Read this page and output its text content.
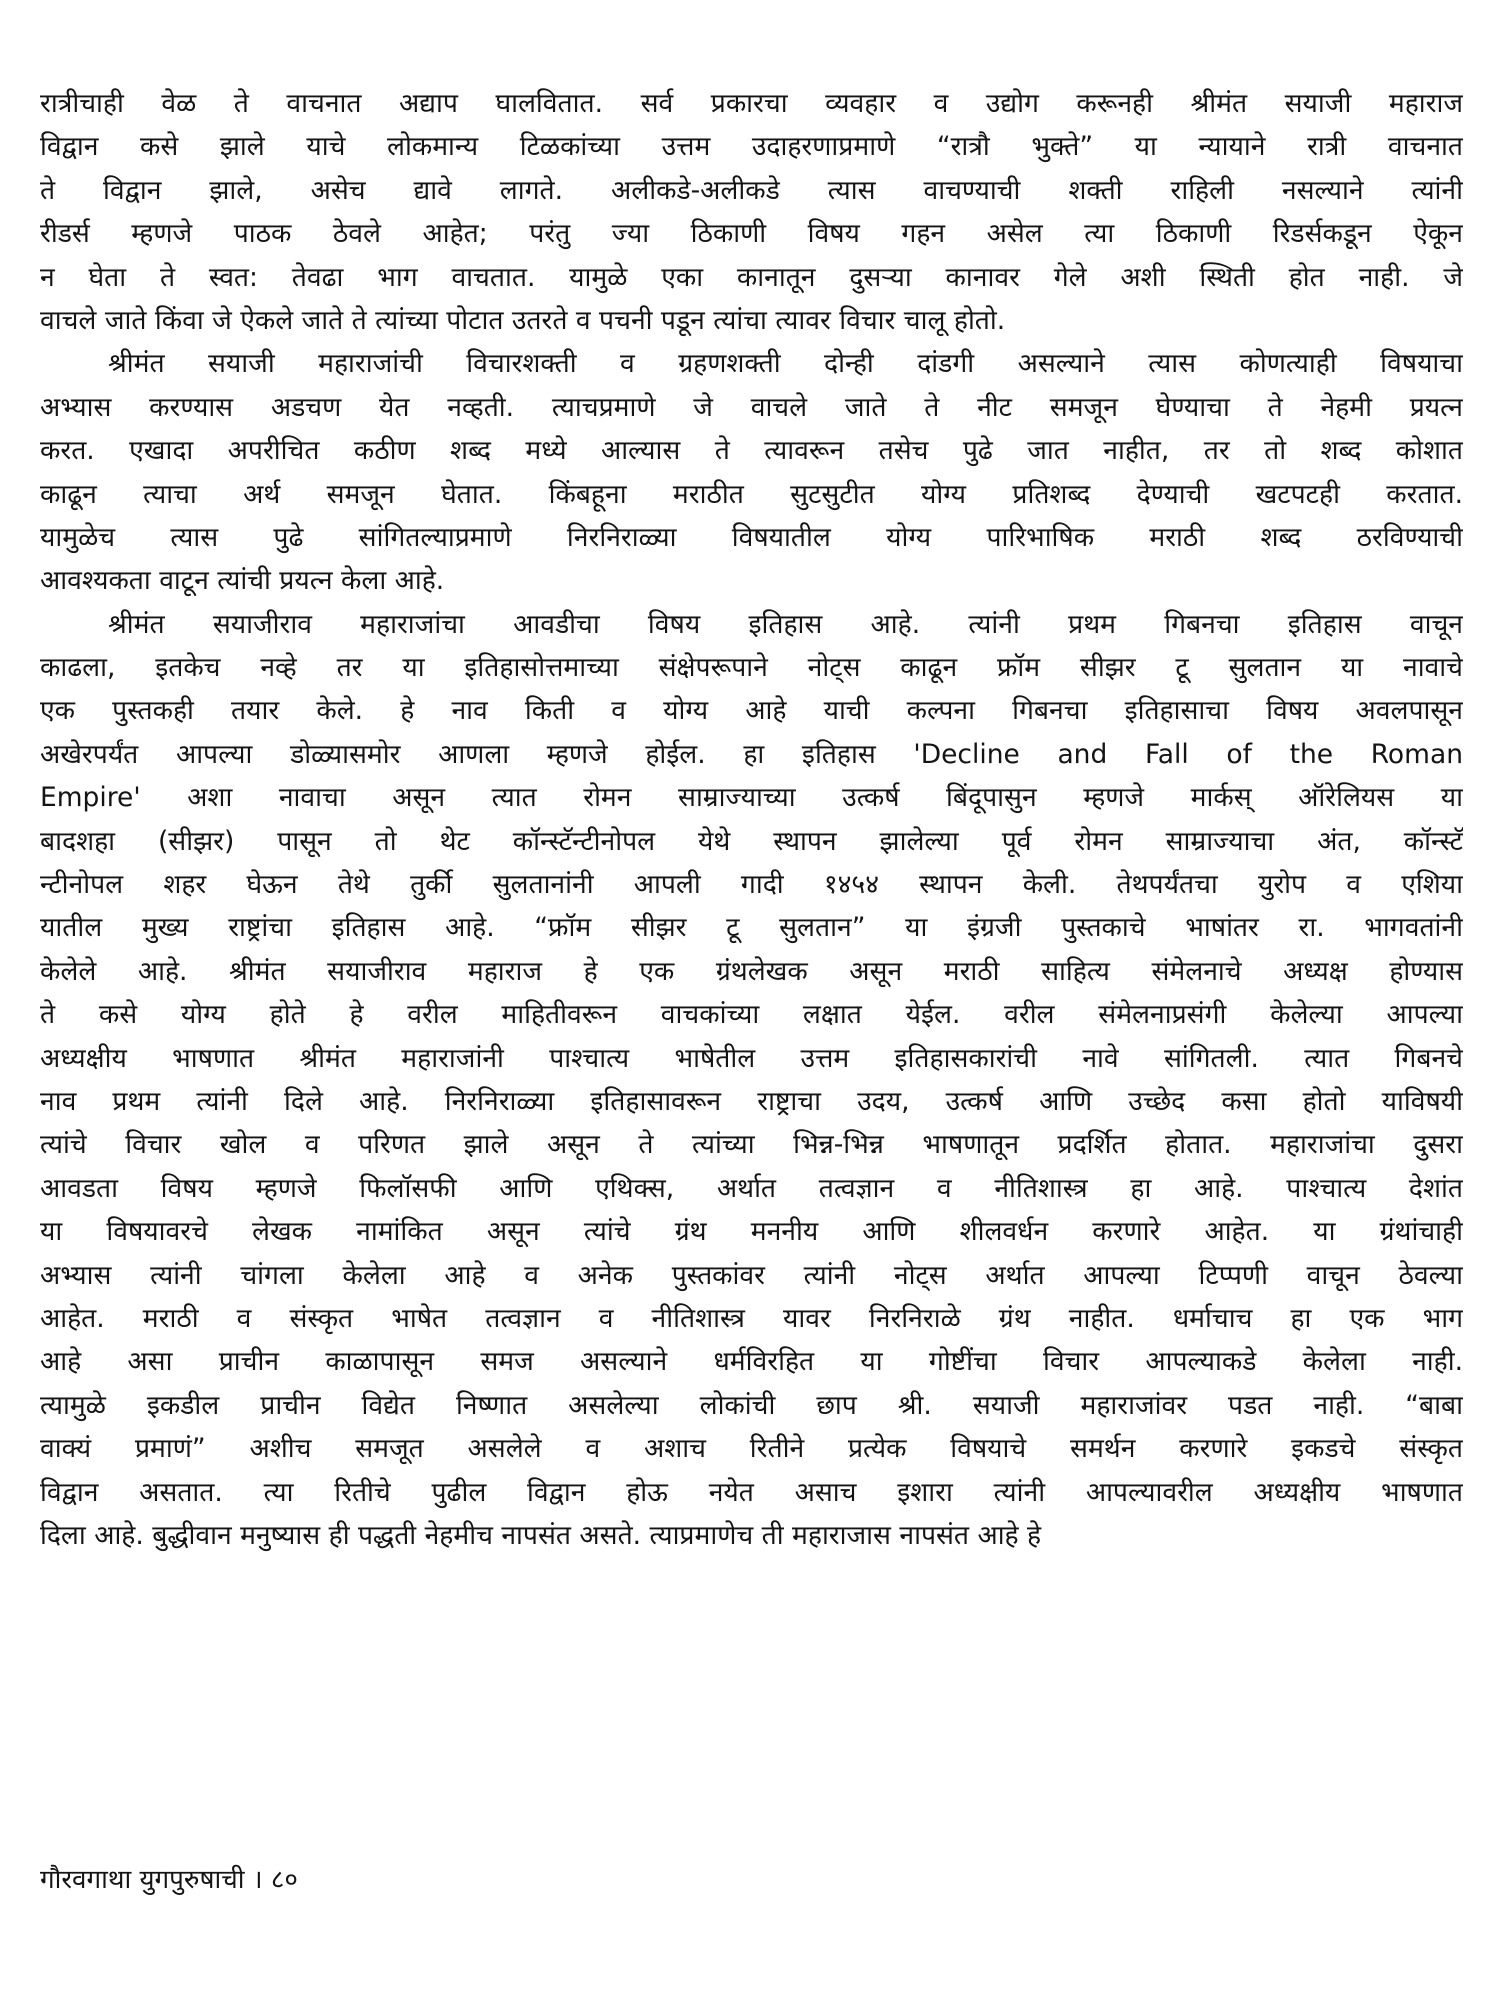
रात्रीचाही वेळ ते वाचनात अद्याप घालवितात. सर्व प्रकारचा व्यवहार व उद्योग करूनही श्रीमंत सयाजी महाराज
विद्वान कसे झाले याचे लोकमान्य टिळकांच्या उत्तम उदाहरणाप्रमाणे “रात्रौ भुक्ते” या न्यायाने रात्री वाचनात
ते विद्वान झाले, असेच द्यावे लागते. अलीकडे-अलीकडे त्यास वाचण्याची शक्ती राहिली नसल्याने त्यांनी
रीडर्स म्हणजे पाठक ठेवले आहेत; परंतु ज्या ठिकाणी विषय गहन असेल त्या ठिकाणी रिडर्सकडून ऐकून
न घेता ते स्वत: तेवढा भाग वाचतात. यामुळे एका कानातून दुसऱ्या कानावर गेले अशी स्थिती होत नाही. जे
वाचले जाते किंवा जे ऐकले जाते ते त्यांच्या पोटात उतरते व पचनी पडून त्यांचा त्यावर विचार चालू होतो.
श्रीमंत सयाजी महाराजांची विचारशक्ती व ग्रहणशक्ती दोन्ही दांडगी असल्याने त्यास कोणत्याही विषयाचा
अभ्यास करण्यास अडचण येत नव्हती. त्याचप्रमाणे जे वाचले जाते ते नीट समजून घेण्याचा ते नेहमी प्रयत्न
करत. एखादा अपरीचित कठीण शब्द मध्ये आल्यास ते त्यावरून तसेच पुढे जात नाहीत, तर तो शब्द कोशात
काढून त्याचा अर्थ समजून घेतात. किंबहूना मराठीत सुटसुटीत योग्य प्रतिशब्द देण्याची खटपटही करतात.
यामुळेच त्यास पुढे सांगितल्याप्रमाणे निरनिराळ्या विषयातील योग्य पारिभाषिक मराठी शब्द ठरविण्याची
आवश्यकता वाटून त्यांची प्रयत्न केला आहे.
श्रीमंत सयाजीराव महाराजांचा आवडीचा विषय इतिहास आहे. त्यांनी प्रथम गिबनचा इतिहास वाचून
काढला, इतकेच नव्हे तर या इतिहासोत्तमाच्या संक्षेपरूपाने नोट्स काढून फ्रॉम सीझर टू सुलतान या नावाचे
एक पुस्तकही तयार केले. हे नाव किती व योग्य आहे याची कल्पना गिबनचा इतिहासाचा विषय अवलपासून
अखेरपर्यंत आपल्या डोळ्यासमोर आणला म्हणजे होईल. हा इतिहास 'Decline and Fall of the Roman
Empire' अशा नावाचा असून त्यात रोमन साम्राज्याच्या उत्कर्ष बिंदूपासुन म्हणजे मार्कस् ऑरेलियस या
बादशहा (सीझर) पासून तो थेट कॉन्स्टॅन्टीनोपल येथे स्थापन झालेल्या पूर्व रोमन साम्राज्याचा अंत, कॉन्स्टॅ
न्टीनोपल शहर घेऊन तेथे तुर्की सुलतानांनी आपली गादी १४५४ स्थापन केली. तेथपर्यंतचा युरोप व एशिया
यातील मुख्य राष्ट्रांचा इतिहास आहे. “फ्रॉम सीझर टू सुलतान” या इंग्रजी पुस्तकाचे भाषांतर रा. भागवतांनी
केलेले आहे. श्रीमंत सयाजीराव महाराज हे एक ग्रंथलेखक असून मराठी साहित्य संमेलनाचे अध्यक्ष होण्यास
ते कसे योग्य होते हे वरील माहितीवरून वाचकांच्या लक्षात येईल. वरील संमेलनाप्रसंगी केलेल्या आपल्या
अध्यक्षीय भाषणात श्रीमंत महाराजांनी पाश्चात्य भाषेतील उत्तम इतिहासकारांची नावे सांगितली. त्यात गिबनचे
नाव प्रथम त्यांनी दिले आहे. निरनिराळ्या इतिहासावरून राष्ट्राचा उदय, उत्कर्ष आणि उच्छेद कसा होतो याविषयी
त्यांचे विचार खोल व परिणत झाले असून ते त्यांच्या भिन्न-भिन्न भाषणातून प्रदर्शित होतात. महाराजांचा दुसरा
आवडता विषय म्हणजे फिलॉसफी आणि एथिक्स, अर्थात तत्वज्ञान व नीतिशास्त्र हा आहे. पाश्चात्य देशांत
या विषयावरचे लेखक नामांकित असून त्यांचे ग्रंथ मननीय आणि शीलवर्धन करणारे आहेत. या ग्रंथांचाही
अभ्यास त्यांनी चांगला केलेला आहे व अनेक पुस्तकांवर त्यांनी नोट्स अर्थात आपल्या टिप्पणी वाचून ठेवल्या
आहेत. मराठी व संस्कृत भाषेत तत्वज्ञान व नीतिशास्त्र यावर निरनिराळे ग्रंथ नाहीत. धर्माचाच हा एक भाग
आहे असा प्राचीन काळापासून समज असल्याने धर्मविरहित या गोष्टींचा विचार आपल्याकडे केलेला नाही.
त्यामुळे इकडील प्राचीन विद्येत निष्णात असलेल्या लोकांची छाप श्री. सयाजी महाराजांवर पडत नाही. “बाबा
वाक्यं प्रमाणं” अशीच समजूत असलेले व अशाच रितीने प्रत्येक विषयाचे समर्थन करणारे इकडचे संस्कृत
विद्वान असतात. त्या रितीचे पुढील विद्वान होऊ नयेत असाच इशारा त्यांनी आपल्यावरील अध्यक्षीय भाषणात
दिला आहे. बुद्धीवान मनुष्यास ही पद्धती नेहमीच नापसंत असते. त्याप्रमाणेच ती महाराजास नापसंत आहे हे
गौरवगाथा युगपुरुषाची । ८०
